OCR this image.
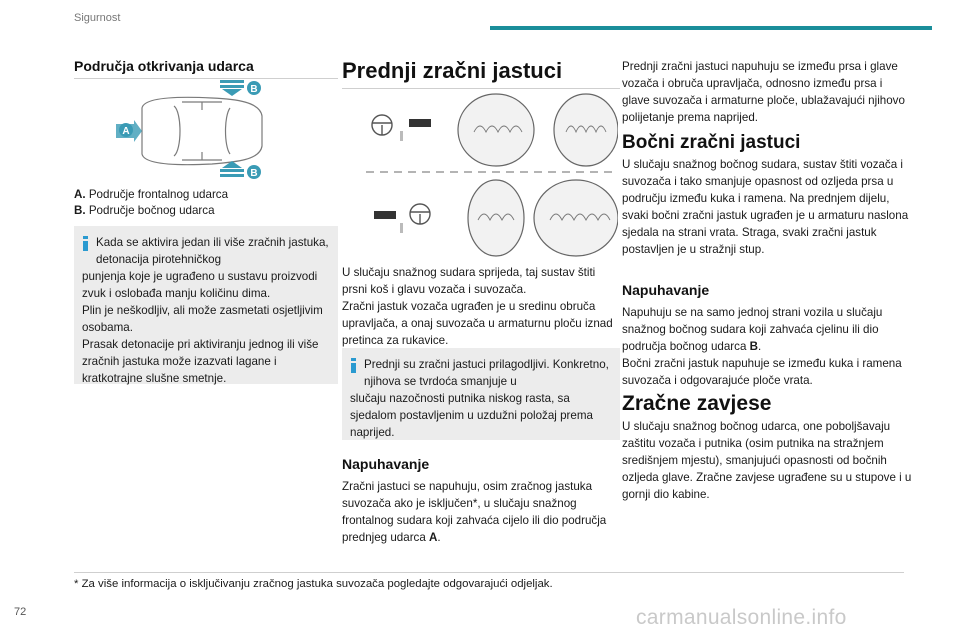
Sigurnost
Područja otkrivanja udarca
A
B
B
A. Područje frontalnog udarca
B. Područje bočnog udarca
Kada se aktivira jedan ili više zračnih jastuka, detonacija pirotehničkog
punjenja koje je ugrađeno u sustavu proizvodi zvuk i oslobađa manju količinu dima.
Plin je neškodljiv, ali može zasmetati osjetljivim osobama.
Prasak detonacije pri aktiviranju jednog ili više zračnih jastuka može izazvati lagane i kratkotrajne slušne smetnje.
Prednji zračni jastuci
U slučaju snažnog sudara sprijeda, taj sustav štiti prsni koš i glavu vozača i suvozača.
Zračni jastuk vozača ugrađen je u sredinu obruča upravljača, a onaj suvozača u armaturnu ploču iznad pretinca za rukavice.
Prednji su zračni jastuci prilagodljivi. Konkretno, njihova se tvrdoća smanjuje u
slučaju nazočnosti putnika niskog rasta, sa sjedalom postavljenim u uzdužni položaj prema naprijed.
Napuhavanje
Zračni jastuci se napuhuju, osim zračnog jastuka suvozača ako je isključen*, u slučaju snažnog frontalnog sudara koji zahvaća cijelo ili dio područja prednjeg udarca A.
Prednji zračni jastuci napuhuju se između prsa i glave vozača i obruča upravljača, odnosno između prsa i glave suvozača i armaturne ploče, ublažavajući njihovo polijetanje prema naprijed.
Bočni zračni jastuci
U slučaju snažnog bočnog sudara, sustav štiti vozača i suvozača i tako smanjuje opasnost od ozljeda prsa u području između kuka i ramena. Na prednjem dijelu, svaki bočni zračni jastuk ugrađen je u armaturu naslona sjedala na strani vrata. Straga, svaki zračni jastuk postavljen je u stražnji stup.
Napuhavanje
Napuhuju se na samo jednoj strani vozila u slučaju snažnog bočnog sudara koji zahvaća cjelinu ili dio područja bočnog udarca B.
Bočni zračni jastuk napuhuje se između kuka i ramena suvozača i odgovarajuće ploče vrata.
Zračne zavjese
U slučaju snažnog bočnog udarca, one poboljšavaju zaštitu vozača i putnika (osim putnika na stražnjem središnjem mjestu), smanjujući opasnosti od bočnih ozljeda glave. Zračne zavjese ugrađene su u stupove i u gornji dio kabine.
* Za više informacija o isključivanju zračnog jastuka suvozača pogledajte odgovarajući odjeljak.
72	carmanualsonline.info
